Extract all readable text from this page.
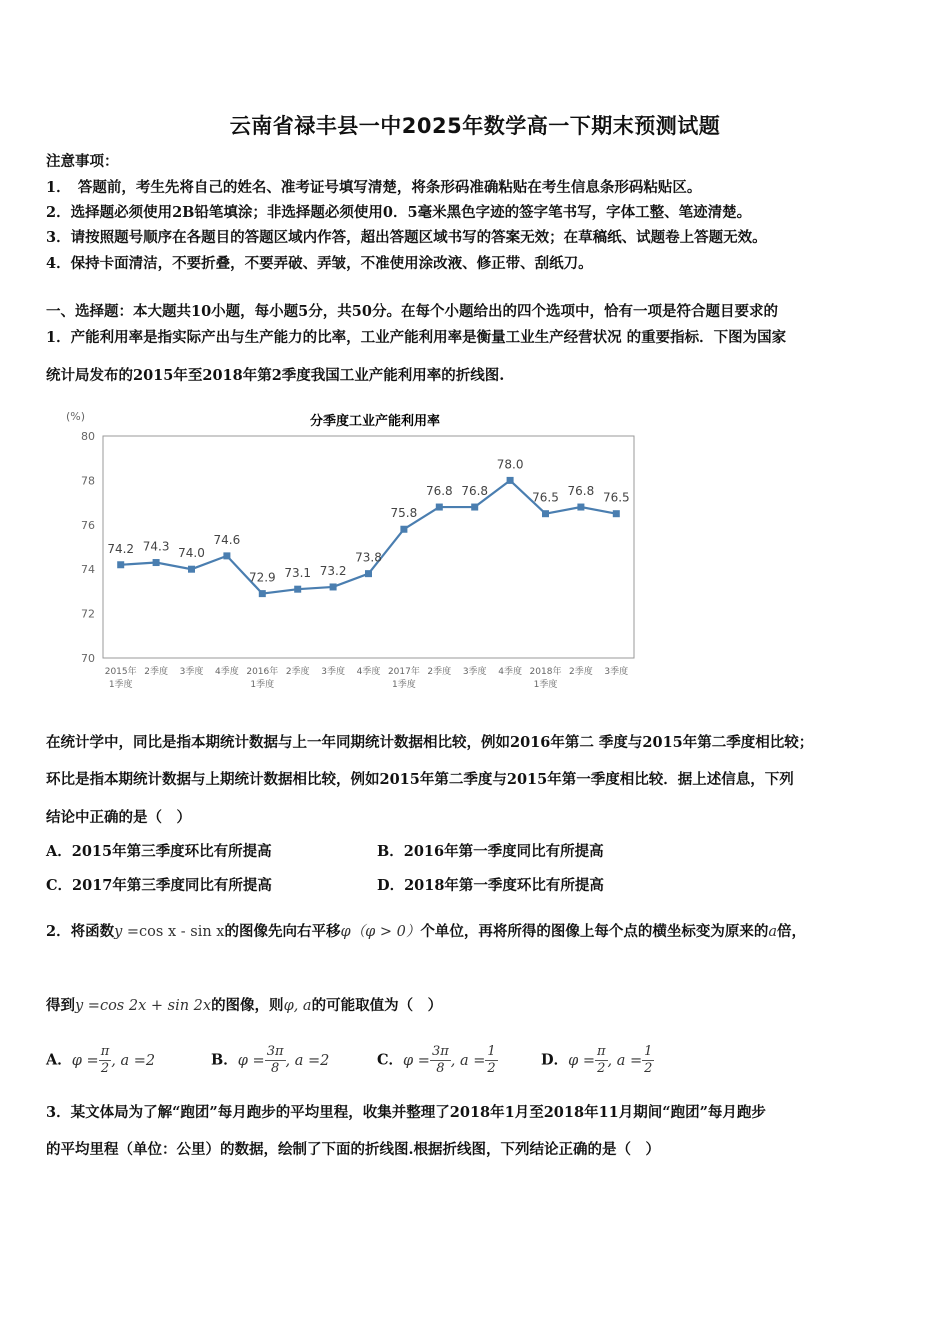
云南省禄丰县一中2025年数学高一下期末预测试题
注意事项：
1．　答题前，考生先将自己的姓名、准考证号填写清楚，将条形码准确粘贴在考生信息条形码粘贴区。
2．选择题必须使用2B铅笔填涂；非选择题必须使用0．5毫米黑色字迹的签字笔书写，字体工整、笔迹清楚。
3．请按照题号顺序在各题目的答题区域内作答，超出答题区域书写的答案无效；在草稿纸、试题卷上答题无效。
4．保持卡面清洁，不要折叠，不要弄破、弄皱，不准使用涂改液、修正带、刮纸刀。
一、选择题：本大题共10小题，每小题5分，共50分。在每个小题给出的四个选项中，恰有一项是符合题目要求的
1．产能利用率是指实际产出与生产能力的比率，工业产能利用率是衡量工业生产经营状况 的重要指标．下图为国家
统计局发布的2015年至2018年第2季度我国工业产能利用率的折线图.
分季度工业产能利用率
(%)
70
72
74
76
78
80
2015年
1季度
2季度 3季度 4季度 2016年
1季度
2季度 3季度 4季度 2017年
1季度
2季度 3季度 4季度 2018年
1季度
2季度 3季度
74.2 74.3 74.0
74.6
72.9 73.1 73.2
73.8
75.8
76.8 76.8
78.0
76.5 76.8 76.5
在统计学中，同比是指本期统计数据与上一年同期统计数据相比较，例如2016年第二 季度与2015年第二季度相比较；
环比是指本期统计数据与上期统计数据相比较，例如2015年第二季度与2015年第一季度相比较．据上述信息，下列
结论中正确的是（　）
A．2015年第三季度环比有所提高	B．2016年第一季度同比有所提高
C．2017年第三季度同比有所提高	D．2018年第一季度环比有所提高
2．将函数y =cos x - sin x的图像先向右平移φ（φ > 0）个单位，再将所得的图像上每个点的横坐标变为原来的a倍，
得到y =cos 2x + sin 2x的图像，则φ, a的可能取值为（　）
A．$\varphi = \frac{\pi}{2}$ , a =2	B．$\varphi = \frac{3\pi}{8}$ , a =2	C．$\varphi = \frac{3\pi}{8}$ , $a = \frac{1}{2}$	D．$\varphi = \frac{\pi}{2}$ , $a = \frac{1}{2}$
3．某文体局为了解“跑团”每月跑步的平均里程，收集并整理了2018年1月至2018年11月期间“跑团”每月跑步
的平均里程（单位：公里）的数据，绘制了下面的折线图.根据折线图，下列结论正确的是（　）
